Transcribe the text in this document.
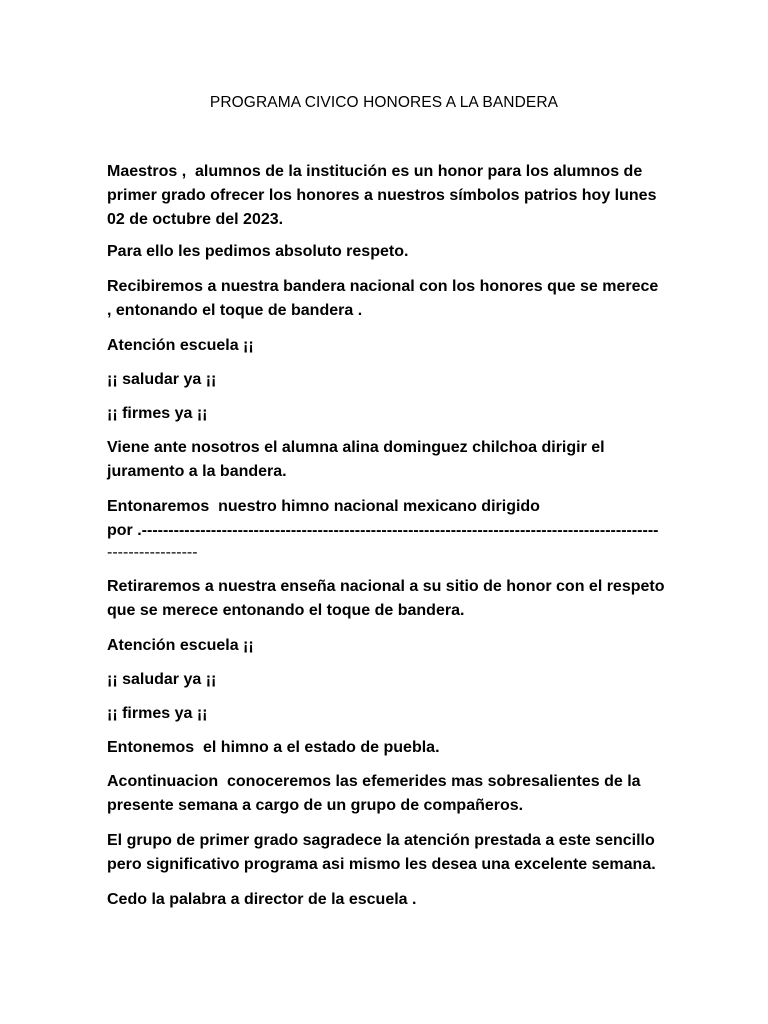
PROGRAMA CIVICO HONORES A LA BANDERA
Maestros ,  alumnos de la institución es un honor para los alumnos de primer grado ofrecer los honores a nuestros símbolos patrios hoy lunes 02 de octubre del 2023.
Para ello les pedimos absoluto respeto.
Recibiremos a nuestra bandera nacional con los honores que se merece , entonando el toque de bandera .
Atención escuela ¡¡
¡¡ saludar ya ¡¡
¡¡ firmes ya ¡¡
Viene ante nosotros el alumna alina dominguez chilchoa dirigir el juramento a la bandera.
Entonaremos  nuestro himno nacional mexicano dirigido
por .-------------------------------------------------------------------------------------------------
-----------------
Retiraremos a nuestra enseña nacional a su sitio de honor con el respeto que se merece entonando el toque de bandera.
Atención escuela ¡¡
¡¡ saludar ya ¡¡
¡¡ firmes ya ¡¡
Entonemos  el himno a el estado de puebla.
Acontinuacion  conoceremos las efemerides mas sobresalientes de la presente semana a cargo de un grupo de compañeros.
El grupo de primer grado sagradece la atención prestada a este sencillo pero significativo programa asi mismo les desea una excelente semana.
Cedo la palabra a director de la escuela .
